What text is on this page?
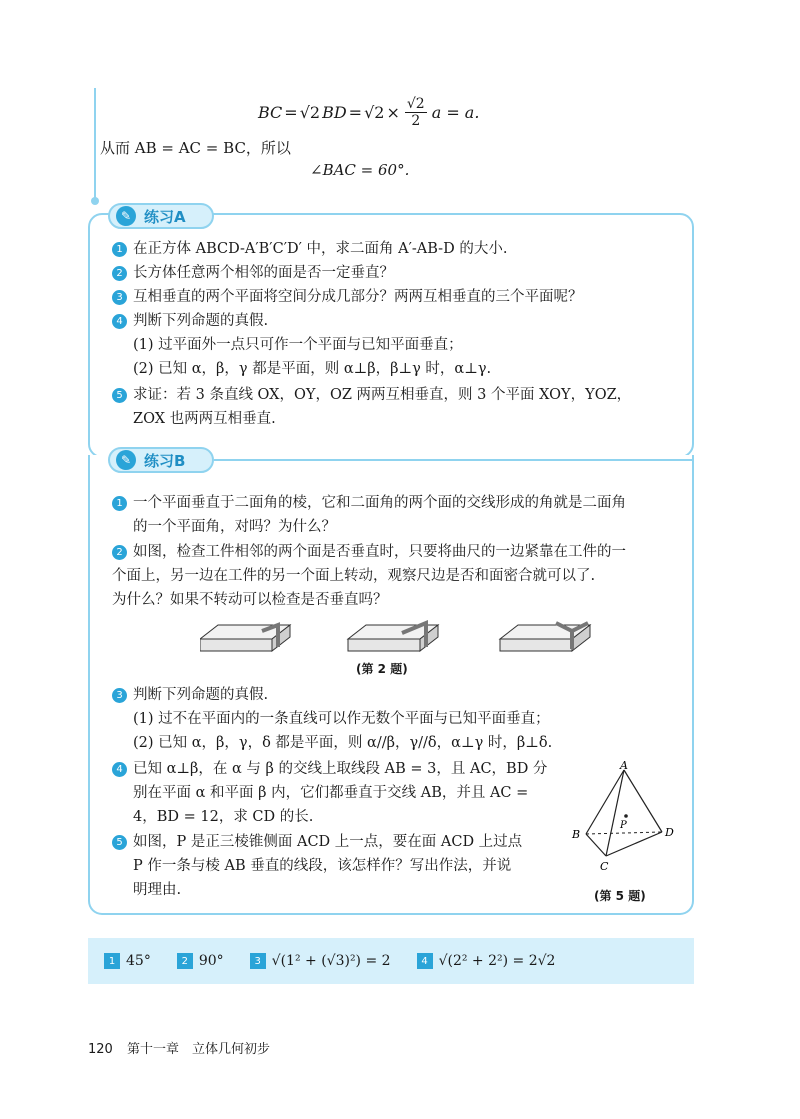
BC = √2 BD = $√2 \times \frac{√2}{2}$ a = a.
从而 AB = AC = BC，所以
∠BAC = 60°.
✎ 练习A
1 在正方体 ABCD-A′B′C′D′ 中，求二面角 A′-AB-D 的大小.
2 长方体任意两个相邻的面是否一定垂直？
3 互相垂直的两个平面将空间分成几部分？两两互相垂直的三个平面呢？
4 判断下列命题的真假.
(1) 过平面外一点只可作一个平面与已知平面垂直；
(2) 已知 α，β，γ 都是平面，则 α⊥β，β⊥γ 时，α⊥γ.
5 求证：若 3 条直线 OX，OY，OZ 两两互相垂直，则 3 个平面 XOY，YOZ，
ZOX 也两两互相垂直.
✎ 练习B
1 一个平面垂直于二面角的棱，它和二面角的两个面的交线形成的角就是二面角
的一个平面角，对吗？为什么？
2 如图，检查工件相邻的两个面是否垂直时，只要将曲尺的一边紧靠在工件的一
个面上，另一边在工件的另一个面上转动，观察尺边是否和面密合就可以了.
为什么？如果不转动可以检查是否垂直吗？
(第 2 题)
3 判断下列命题的真假.
(1) 过不在平面内的一条直线可以作无数个平面与已知平面垂直；
(2) 已知 α，β，γ，δ 都是平面，则 α//β，γ//δ，α⊥γ 时，β⊥δ.
4 已知 α⊥β，在 α 与 β 的交线上取线段 AB = 3，且 AC，BD 分
别在平面 α 和平面 β 内，它们都垂直于交线 AB，并且 AC =
4，BD = 12，求 CD 的长.
5 如图，P 是正三棱锥侧面 ACD 上一点，要在面 ACD 上过点
P 作一条与棱 AB 垂直的线段，该怎样作？写出作法，并说
明理由.
A
B
C
D
P
(第 5 题)
1 45°	2 90°	3 √(1² + (√3)²) = 2	4 √(2² + 2²) = 2√2
120 第十一章　立体几何初步
